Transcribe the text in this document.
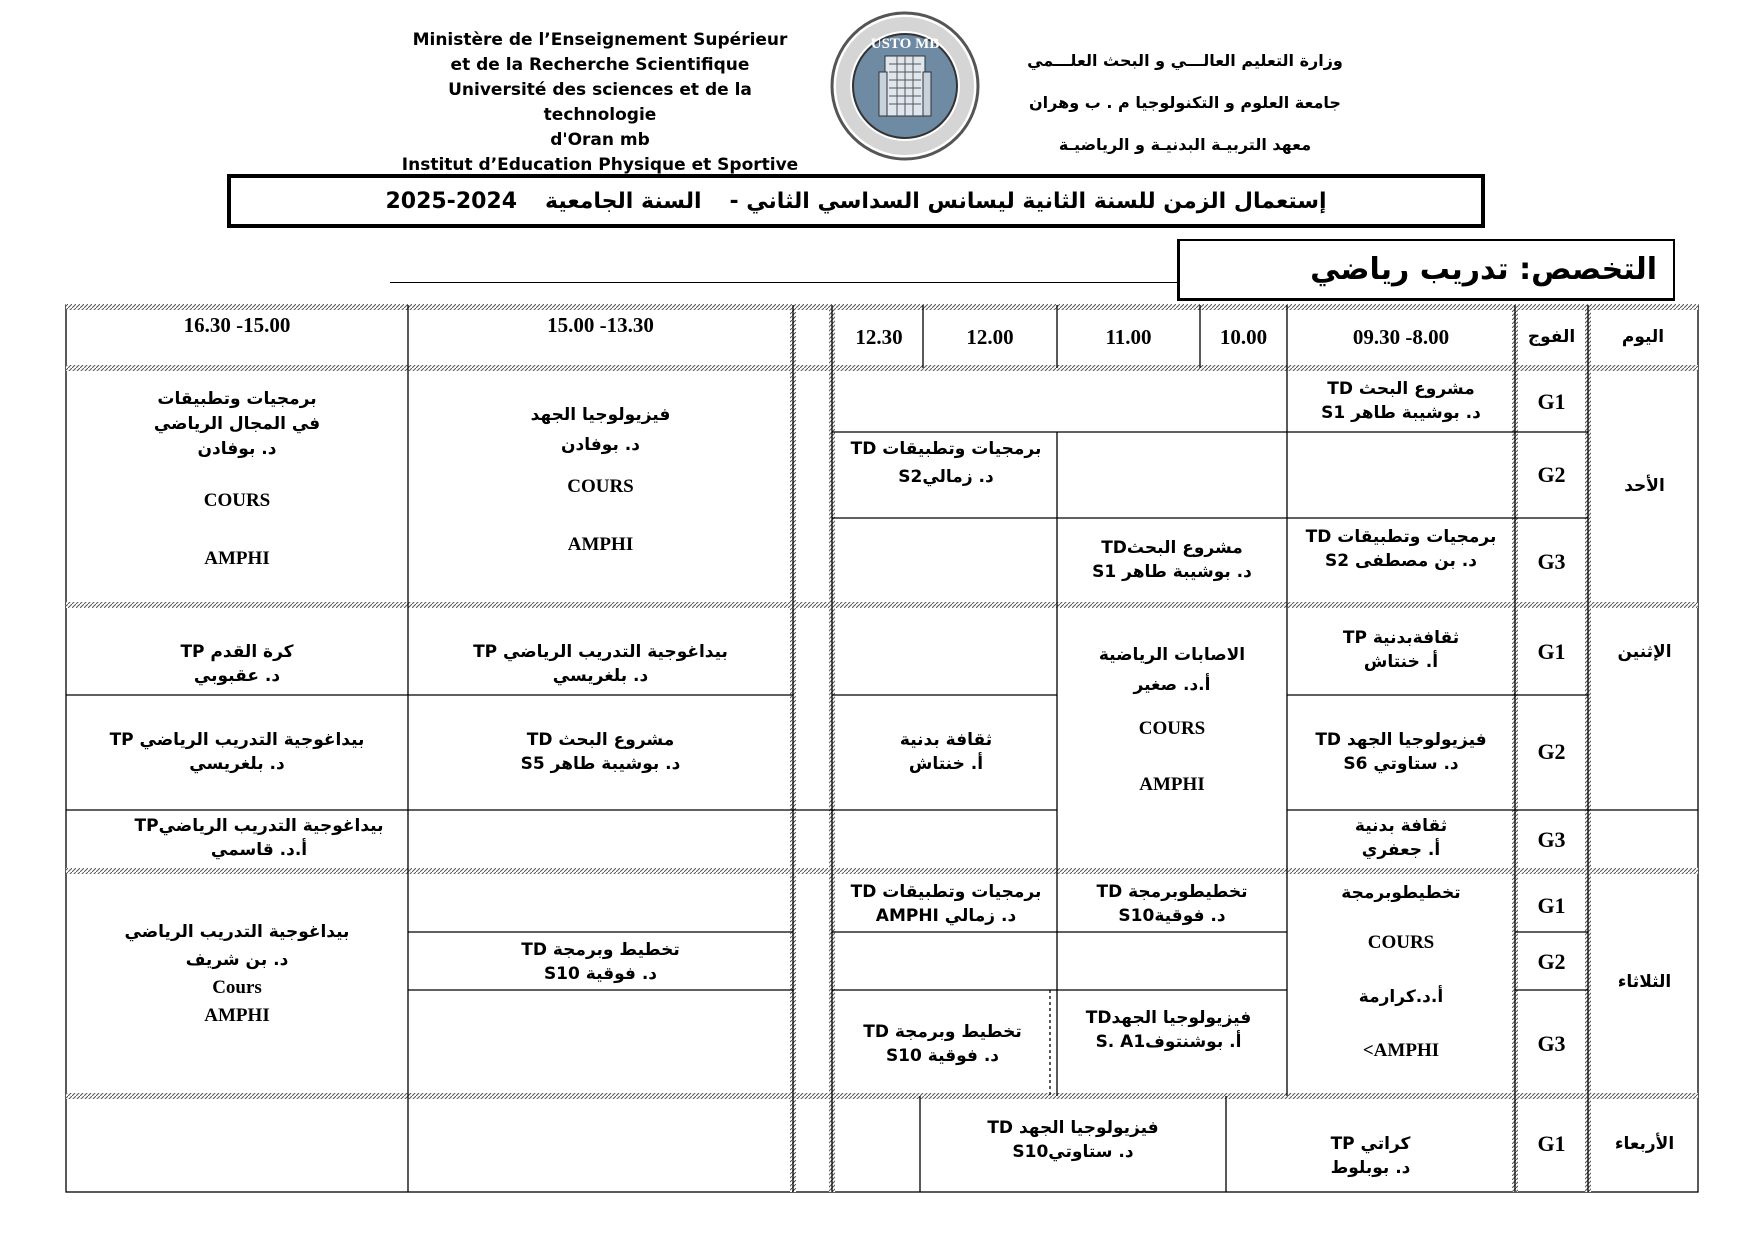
Ministère de l’Enseignement Supérieur
et de la Recherche Scientifique
Université des sciences et de la technologie
d'Oran mb
Institut d’Education Physique et Sportive
USTO MB
وزارة التعليم العالـــي و البحث العلـــمي
جامعة العلوم و التكنولوجيا م . ب وهران
معهد التربيـة البدنيـة و الرياضيـة
إستعمال الزمن للسنة الثانية ليسانس السداسي الثاني -
السنة الجامعية
2025-2024
التخصص: تدريب رياضي
اليوم
الفوج
09.30 -8.00
10.00
11.00
12.00
12.30
15.00 -13.30
16.30 -15.00
الأحد
الإثنين
الثلاثاء
الأربعاء
G1
G2
G3
G1
G2
G3
G1
G2
G3
G1
مشروع البحث TD
د. بوشيبة طاهر S1
برمجيات وتطبيقات TD
د. زماليS2
برمجيات وتطبيقات TD
د. بن مصطفى S2
مشروع البحثTD
د. بوشيبة طاهر S1
فيزيولوجيا الجهد
د. بوفادن
COURS
AMPHI
برمجيات وتطبيقات
في المجال الرياضي
د. بوفادن
COURS
AMPHI
ثقافةبدنية TP
أ. خنتاش
الاصابات الرياضية
أ.د. صغير
COURS
AMPHI
بيداغوجية التدريب الرياضي TP
د. بلغريسي
كرة القدم TP
د. عقبوبي
فيزيولوجيا الجهد TD
د. ستاوتي S6
ثقافة بدنية
أ. خنتاش
مشروع البحث TD
د. بوشيبة طاهر S5
بيداغوجية التدريب الرياضي TP
د. بلغريسي
ثقافة بدنية
أ. جعفري
بيداغوجية التدريب الرياضيTP
أ.د. قاسمي
تخطيطوبرمجة
COURS
أ.د.كرارمة
<AMPHI
تخطيطوبرمجة TD
د. فوقيةS10
برمجيات وتطبيقات TD
د. زمالي AMPHI
تخطيط وبرمجة TD
د. فوقية S10
فيزيولوجيا الجهدTD
أ. بوشنتوفS. A1
تخطيط وبرمجة TD
د. فوقية S10
بيداغوجية التدريب الرياضي
د. بن شريف
Cours
AMPHI
كراتي TP
د. بوبلوط
فيزيولوجيا الجهد TD
د. ستاوتيS10
